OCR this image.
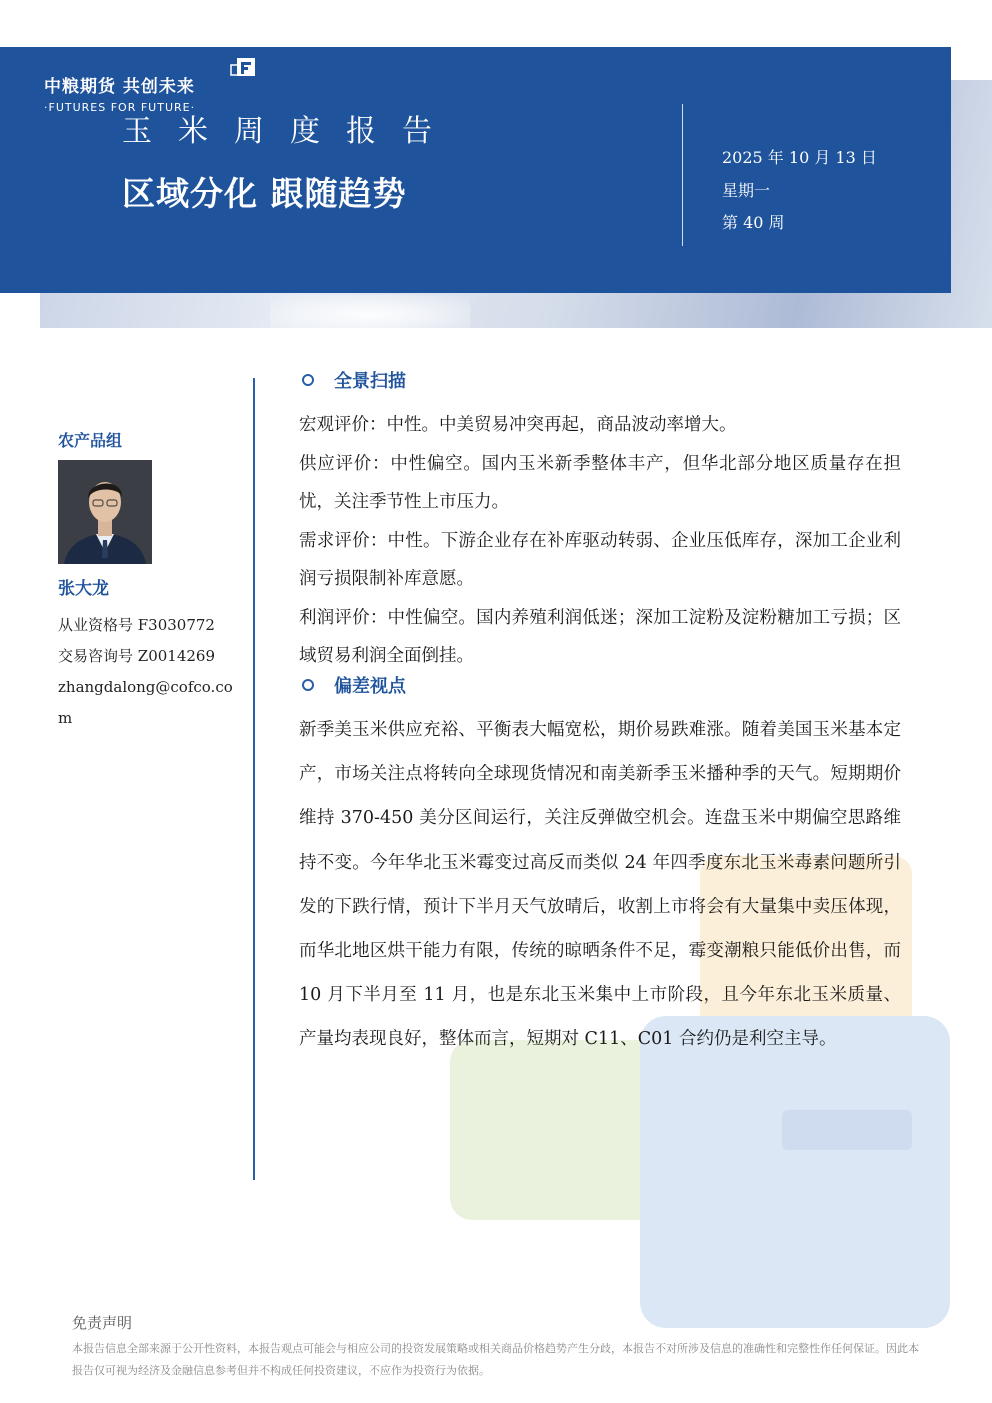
中粮期货 共创未来
·FUTURES FOR FUTURE·
玉米周度报告
区域分化 跟随趋势
2025 年 10 月 13 日
星期一
第 40 周
农产品组
张大龙
从业资格号 F3030772
交易咨询号 Z0014269
zhangdalong@cofco.com
全景扫描

宏观评价：中性。中美贸易冲突再起，商品波动率增大。

供应评价：中性偏空。国内玉米新季整体丰产，但华北部分地区质量存在担忧，关注季节性上市压力。

需求评价：中性。下游企业存在补库驱动转弱、企业压低库存，深加工企业利润亏损限制补库意愿。

利润评价：中性偏空。国内养殖利润低迷；深加工淀粉及淀粉糖加工亏损；区域贸易利润全面倒挂。

偏差视点
新季美玉米供应充裕、平衡表大幅宽松，期价易跌难涨。随着美国玉米基本定产，市场关注点将转向全球现货情况和南美新季玉米播种季的天气。短期期价维持 370-450 美分区间运行，关注反弹做空机会。连盘玉米中期偏空思路维持不变。今年华北玉米霉变过高反而类似 24 年四季度东北玉米毒素问题所引发的下跌行情，预计下半月天气放晴后，收割上市将会有大量集中卖压体现，而华北地区烘干能力有限，传统的晾晒条件不足，霉变潮粮只能低价出售，而 10 月下半月至 11 月，也是东北玉米集中上市阶段，且今年东北玉米质量、产量均表现良好，整体而言，短期对 C11、C01 合约仍是利空主导。
免责声明
本报告信息全部来源于公开性资料，本报告观点可能会与相应公司的投资发展策略或相关商品价格趋势产生分歧，本报告不对所涉及信息的准确性和完整性作任何保证。因此本报告仅可视为经济及金融信息参考但并不构成任何投资建议，不应作为投资行为依据。
